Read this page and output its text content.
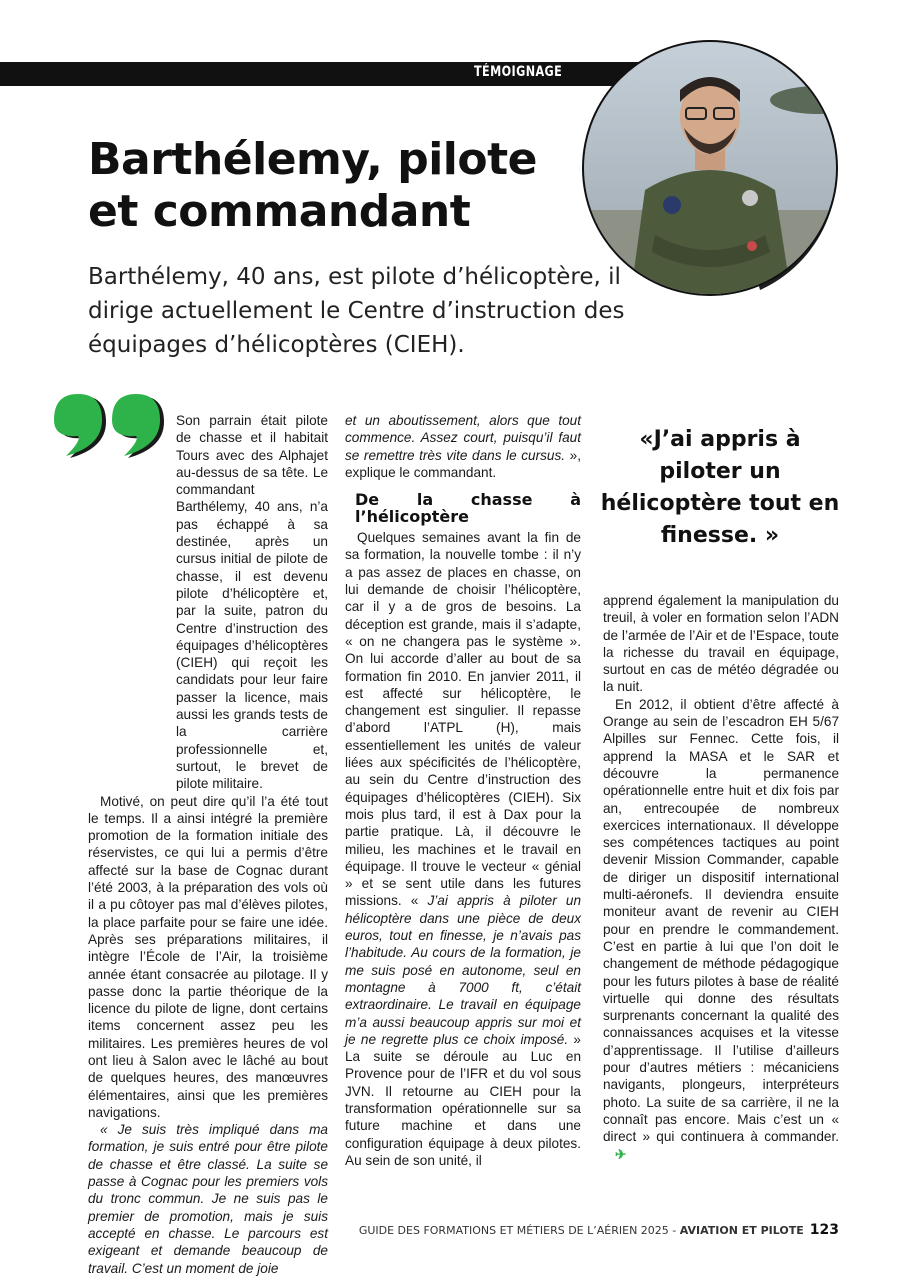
TÉMOIGNAGE
Barthélemy, pilote
et commandant
Barthélemy, 40 ans, est pilote d’hélicoptère, il dirige actuellement le Centre d’instruction des équipages d’hélicoptères (CIEH).

Son parrain était pilote de chasse et il habitait Tours avec des Alphajet au-dessus de sa tête. Le commandant Barthélemy, 40 ans, n’a pas échappé à sa destinée, après un cursus initial de pilote de chasse, il est devenu pilote d’hélicoptère et, par la suite, patron du Centre d’instruction des équipages d’hélicoptères (CIEH) qui reçoit les candidats pour leur faire passer la licence, mais aussi les grands tests de la carrière professionnelle et, surtout, le brevet de pilote militaire.

Motivé, on peut dire qu’il l’a été tout le temps. Il a ainsi intégré la première promotion de la formation initiale des réservistes, ce qui lui a permis d’être affecté sur la base de Cognac durant l’été 2003, à la préparation des vols où il a pu côtoyer pas mal d’élèves pilotes, la place parfaite pour se faire une idée. Après ses préparations militaires, il intègre l’École de l’Air, la troisième année étant consacrée au pilotage. Il y passe donc la partie théorique de la licence du pilote de ligne, dont certains items concernent assez peu les militaires. Les premières heures de vol ont lieu à Salon avec le lâché au bout de quelques heures, des manœuvres élémentaires, ainsi que les premières navigations.

« Je suis très impliqué dans ma formation, je suis entré pour être pilote de chasse et être classé. La suite se passe à Cognac pour les premiers vols du tronc commun. Je ne suis pas le premier de promotion, mais je suis accepté en chasse. Le parcours est exigeant et demande beaucoup de travail. C’est un moment de joie

et un aboutissement, alors que tout commence. Assez court, puisqu’il faut se remettre très vite dans le cursus. », explique le commandant.

De la chasse à l’hélicoptère

Quelques semaines avant la fin de sa formation, la nouvelle tombe : il n’y a pas assez de places en chasse, on lui demande de choisir l’hélicoptère, car il y a de gros de besoins. La déception est grande, mais il s’adapte, « on ne changera pas le système ». On lui accorde d’aller au bout de sa formation fin 2010. En janvier 2011, il est affecté sur hélicoptère, le changement est singulier. Il repasse d’abord l’ATPL (H), mais essentiellement les unités de valeur liées aux spécificités de l’hélicoptère, au sein du Centre d’instruction des équipages d’hélicoptères (CIEH). Six mois plus tard, il est à Dax pour la partie pratique. Là, il découvre le milieu, les machines et le travail en équipage. Il trouve le vecteur « génial » et se sent utile dans les futures missions. « J’ai appris à piloter un hélicoptère dans une pièce de deux euros, tout en finesse, je n’avais pas l’habitude. Au cours de la formation, je me suis posé en autonome, seul en montagne à 7000 ft, c’était extraordinaire. Le travail en équipage m’a aussi beaucoup appris sur moi et je ne regrette plus ce choix imposé. » La suite se déroule au Luc en Provence pour de l’IFR et du vol sous JVN. Il retourne au CIEH pour la transformation opérationnelle sur sa future machine et dans une configuration équipage à deux pilotes. Au sein de son unité, il

«J’ai appris à piloter un hélicoptère tout en finesse. »

apprend également la manipulation du treuil, à voler en formation selon l’ADN de l’armée de l’Air et de l’Espace, toute la richesse du travail en équipage, surtout en cas de météo dégradée ou la nuit.

En 2012, il obtient d’être affecté à Orange au sein de l’escadron EH 5/67 Alpilles sur Fennec. Cette fois, il apprend la MASA et le SAR et découvre la permanence opérationnelle entre huit et dix fois par an, entrecoupée de nombreux exercices internationaux. Il développe ses compétences tactiques au point devenir Mission Commander, capable de diriger un dispositif international multi-aéronefs. Il deviendra ensuite moniteur avant de revenir au CIEH pour en prendre le commandement. C’est en partie à lui que l’on doit le changement de méthode pédagogique pour les futurs pilotes à base de réalité virtuelle qui donne des résultats surprenants concernant la qualité des connaissances acquises et la vitesse d’apprentissage. Il l’utilise d’ailleurs pour d’autres métiers : mécaniciens navigants, plongeurs, interpréteurs photo. La suite de sa carrière, il ne la connaît pas encore. Mais c’est un « direct » qui continuera à commander. ✈

GUIDE DES FORMATIONS ET MÉTIERS DE L’AÉRIEN 2025 - AVIATION ET PILOTE 123
